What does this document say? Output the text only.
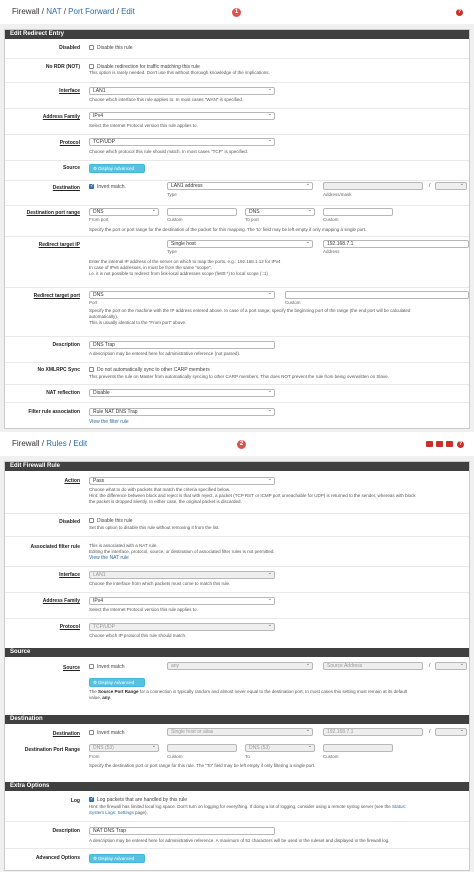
Firewall / NAT / Port Forward / Edit	1	?
Edit Redirect Entry
Disabled	Disable this rule
No RDR (NOT)	Disable redirection for traffic matching this rule
This option is rarely needed. Don't use this without thorough knowledge of the implications.
Interface	LAN1 ⌄
Choose which interface this rule applies to. In most cases "WAN" is specified.
Address Family	IPv4 ⌄
Select the Internet Protocol version this rule applies to.
Protocol	TCP/UDP ⌄
Choose which protocol this rule should match. In most cases "TCP" is specified.
Source	⚙ Display Advanced
Destination ✓	Invert match.	LAN1 address ⌄
Type	Address/mask
/
⌄
Destination port range	DNS ⌄
From port	Custom
DNS ⌄
To port	Custom
Specify the port or port range for the destination of the packet for this mapping. The 'to' field may be left empty if only mapping a single port.
Redirect target IP	Single host ⌄
Type
192.168.7.1
Address
Enter the internal IP address of the server on which to map the ports. e.g.: 192.168.1.12 for IPv4
In case of IPv6 addresses, in must be from the same "scope",
i.e. it is not possible to redirect from link-local addresses scope (fe80:*) to local scope (::1)
Redirect target port	DNS ⌄
Port	Custom
Specify the port on the machine with the IP address entered above. In case of a port range, specify the beginning port of the range (the end port will be calculated
automatically).
This is usually identical to the "From port" above.
Description	DNS Trap
A description may be entered here for administrative reference (not parsed).
No XMLRPC Sync	Do not automatically sync to other CARP members
This prevents the rule on Master from automatically syncing to other CARP members. This does NOT prevent the rule from being overwritten on Slave.
NAT reflection	Disable ⌄
Filter rule association	Rule NAT DNS Trap ⌄
View the filter rule
Firewall / Rules / Edit	2	?
Edit Firewall Rule
Action	Pass ⌄
Choose what to do with packets that match the criteria specified below.
Hint: the difference between block and reject is that with reject, a packet (TCP RST or ICMP port unreachable for UDP) is returned to the sender, whereas with block
the packet is dropped silently. In either case, the original packet is discarded.
Disabled	Disable this rule
Set this option to disable this rule without removing it from the list.
Associated filter rule This is associated with a NAT rule.
Editing the interface, protocol, source, or destination of associated filter rules is not permitted.
View the NAT rule
Interface	LAN1 ⌄
Choose the interface from which packets must come to match this rule.
Address Family	IPv4 ⌄
Select the Internet Protocol version this rule applies to.
Protocol	TCP/UDP ⌄
Choose which IP protocol this rule should match.
Source
Source	Invert match	any ⌄	Source Address	/
⌄
⚙ Display Advanced
The Source Port Range for a connection is typically random and almost never equal to the destination port. In most cases this setting must remain at its default
value, any.
Destination
Destination	Invert match	Single host or alias ⌄	192.168.7.1	/
⌄
Destination Port Range	DNS (53) ⌄
From	Custom
DNS (53) ⌄
To	Custom
Specify the destination port or port range for this rule. The "To" field may be left empty if only filtering a single port.
Extra Options
Log ✓	Log packets that are handled by this rule
Hint: the firewall has limited local log space. Don't turn on logging for everything. If doing a lot of logging, consider using a remote syslog server (see the Status:
System Logs: Settings page).
Description	NAT DNS Trap
A description may be entered here for administrative reference. A maximum of 52 characters will be used in the ruleset and displayed in the firewall log.
Advanced Options	⚙ Display Advanced
